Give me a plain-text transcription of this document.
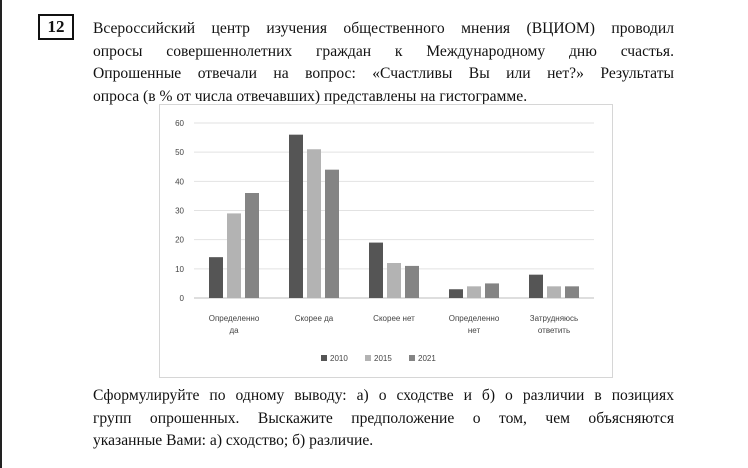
12	Всероссийский центр изучения общественного мнения (ВЦИОМ) проводил
опросы совершеннолетних граждан к Международному дню счастья.
Опрошенные отвечали на вопрос: «Счастливы Вы или нет?» Результаты
опроса (в % от числа отвечавших) представлены на гистограмме.
0
10
20
30
40
50
60
Определенно
да
Скорее да	Скорее нет	Определенно
нет
Затрудняюсь
ответить
2010	2015	2021
Сформулируйте по одному выводу: а) о сходстве и б) о различии в позициях
групп опрошенных. Выскажите предположение о том, чем объясняются
указанные Вами: а) сходство; б) различие.
